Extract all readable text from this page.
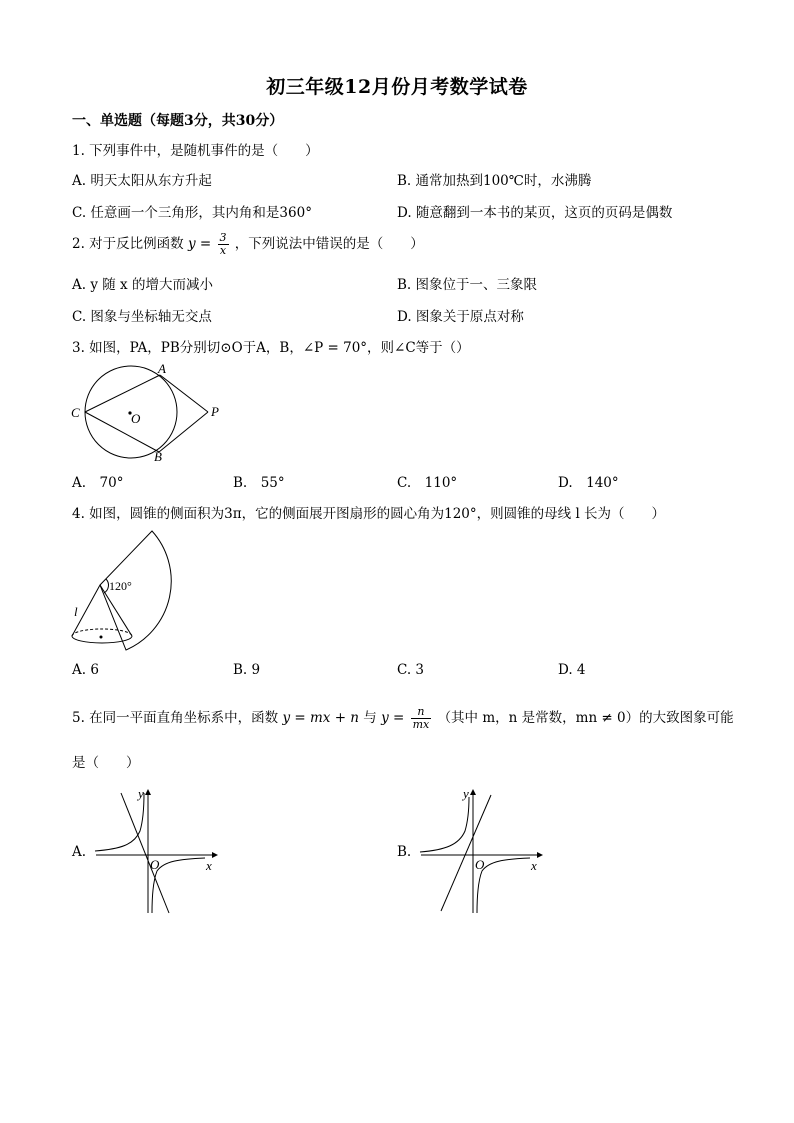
初三年级12月份月考数学试卷
一、单选题（每题3分，共30分）
1. 下列事件中，是随机事件的是（　　）
A. 明天太阳从东方升起	B. 通常加热到100℃时，水沸腾
C. 任意画一个三角形，其内角和是360°	D. 随意翻到一本书的某页，这页的页码是偶数
2. 对于反比例函数 $y = \frac{3}{x}$ ，下列说法中错误的是（　　）
A. y 随 x 的增大而减小	B. 图象位于一、三象限
C. 图象与坐标轴无交点	D. 图象关于原点对称
3. 如图，PA，PB分别切⊙O于A，B，∠P = 70°，则∠C等于（）
A
B
C	O	P
A.　70°	B.　55°	C.　110°	D.　140°
4. 如图，圆锥的侧面积为3π，它的侧面展开图扇形的圆心角为120°，则圆锥的母线 l 长为（　　）
120°
l
A. 6	B. 9	C. 3	D. 4
5. 在同一平面直角坐标系中，函数 y = mx + n 与 $y = \frac{n}{mx}$ （其中 m，n 是常数，mn ≠ 0）的大致图象可能
是（　　）
A.
y
x
O
B.
y
x
O
